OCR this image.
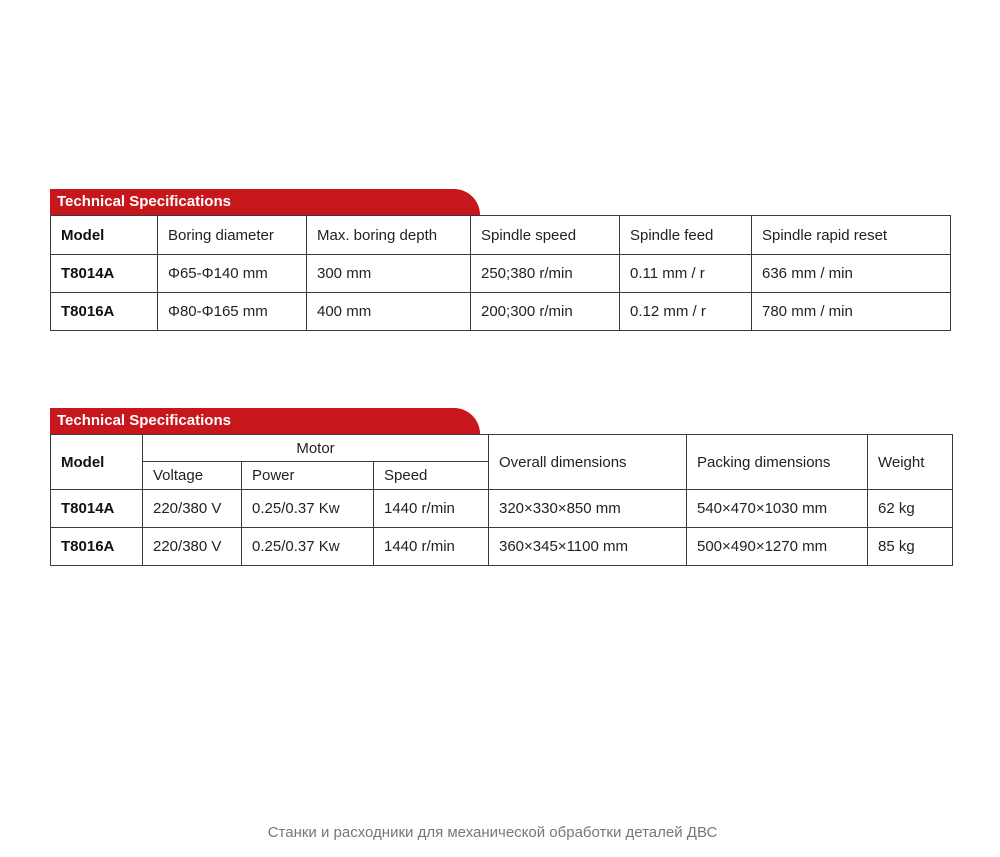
Technical Specifications
Model	Boring diameter	Max. boring depth	Spindle speed	Spindle feed	Spindle rapid reset
T8014A	Φ65-Φ140 mm	300 mm	250;380 r/min	0.11 mm / r	636 mm / min
T8016A	Φ80-Φ165 mm	400 mm	200;300 r/min	0.12 mm / r	780 mm / min
Technical Specifications
Model	Motor			Overall dimensions	Packing dimensions	Weight
	Voltage	Power	Speed			
T8014A	220/380 V	0.25/0.37 Kw	1440 r/min	320×330×850 mm	540×470×1030 mm	62 kg
T8016A	220/380 V	0.25/0.37 Kw	1440 r/min	360×345×1100 mm	500×490×1270 mm	85 kg
Станки и расходники для механической обработки деталей ДВС
